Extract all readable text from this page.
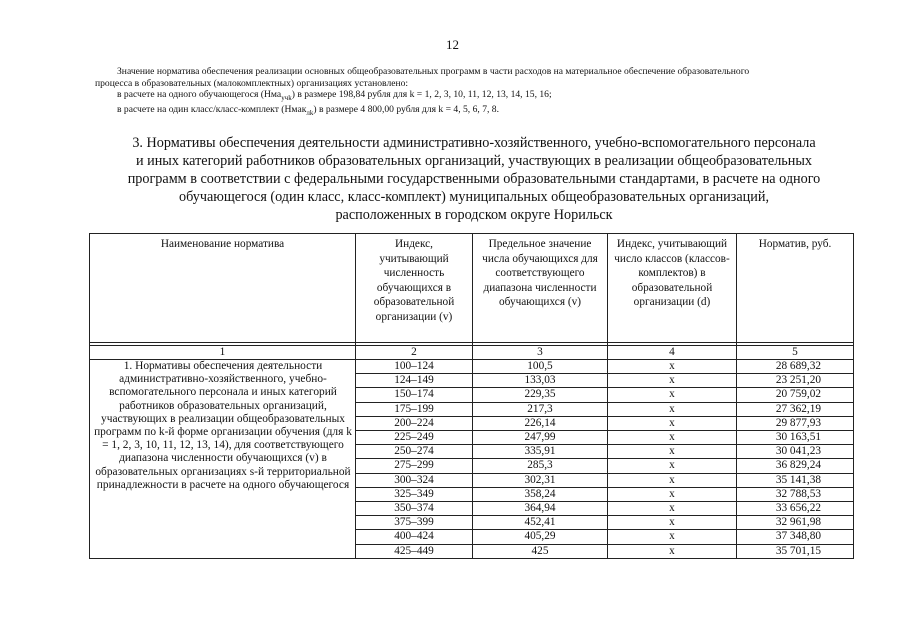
12
Значение норматива обеспечения реализации основных общеобразовательных программ в части расходов на материальное обеспечение образовательного
процесса в образовательных (малокомплектных) организациях установлено:
в расчете на одного обучающегося (Нма$_{учk}$) в размере 198,84 рубля для k = 1, 2, 3, 10, 11, 12, 13, 14, 15, 16;
в расчете на один класс/класс-комплект (Нмак$_{лk}$) в размере 4 800,00 рубля для k = 4, 5, 6, 7, 8.
3. Нормативы обеспечения деятельности административно-хозяйственного, учебно-вспомогательного персонала
и иных категорий работников образовательных организаций, участвующих в реализации общеобразовательных
программ в соответствии с федеральными государственными образовательными стандартами, в расчете на одного
обучающегося (один класс, класс-комплект) муниципальных общеобразовательных организаций,
расположенных в городском округе Норильск
Наименование норматива	Индекс, учитывающий численность обучающихся в образовательной организации (v)	Предельное значение числа обучающихся для соответствующего диапазона численности обучающихся (v)	Индекс, учитывающий число классов (классов-комплектов) в образовательной организации (d)	Норматив, руб.

1	2	3	4	5
1. Нормативы обеспечения деятельности административно-хозяйственного, учебно-вспомогательного персонала и иных категорий работников образовательных организаций, участвующих в реализации общеобразовательных программ по k-й форме организации обучения (для k = 1, 2, 3, 10, 11, 12, 13, 14), для соответствующего диапазона численности обучающихся (v) в образовательных организациях s-й территориальной принадлежности в расчете на одного обучающегося	100–124	100,5	х	28 689,32
	124–149	133,03	х	23 251,20
	150–174	229,35	х	20 759,02
	175–199	217,3	х	27 362,19
	200–224	226,14	х	29 877,93
	225–249	247,99	х	30 163,51
	250–274	335,91	х	30 041,23
	275–299	285,3	х	36 829,24
	300–324	302,31	х	35 141,38
	325–349	358,24	х	32 788,53
	350–374	364,94	х	33 656,22
	375–399	452,41	х	32 961,98
	400–424	405,29	х	37 348,80
	425–449	425	х	35 701,15
